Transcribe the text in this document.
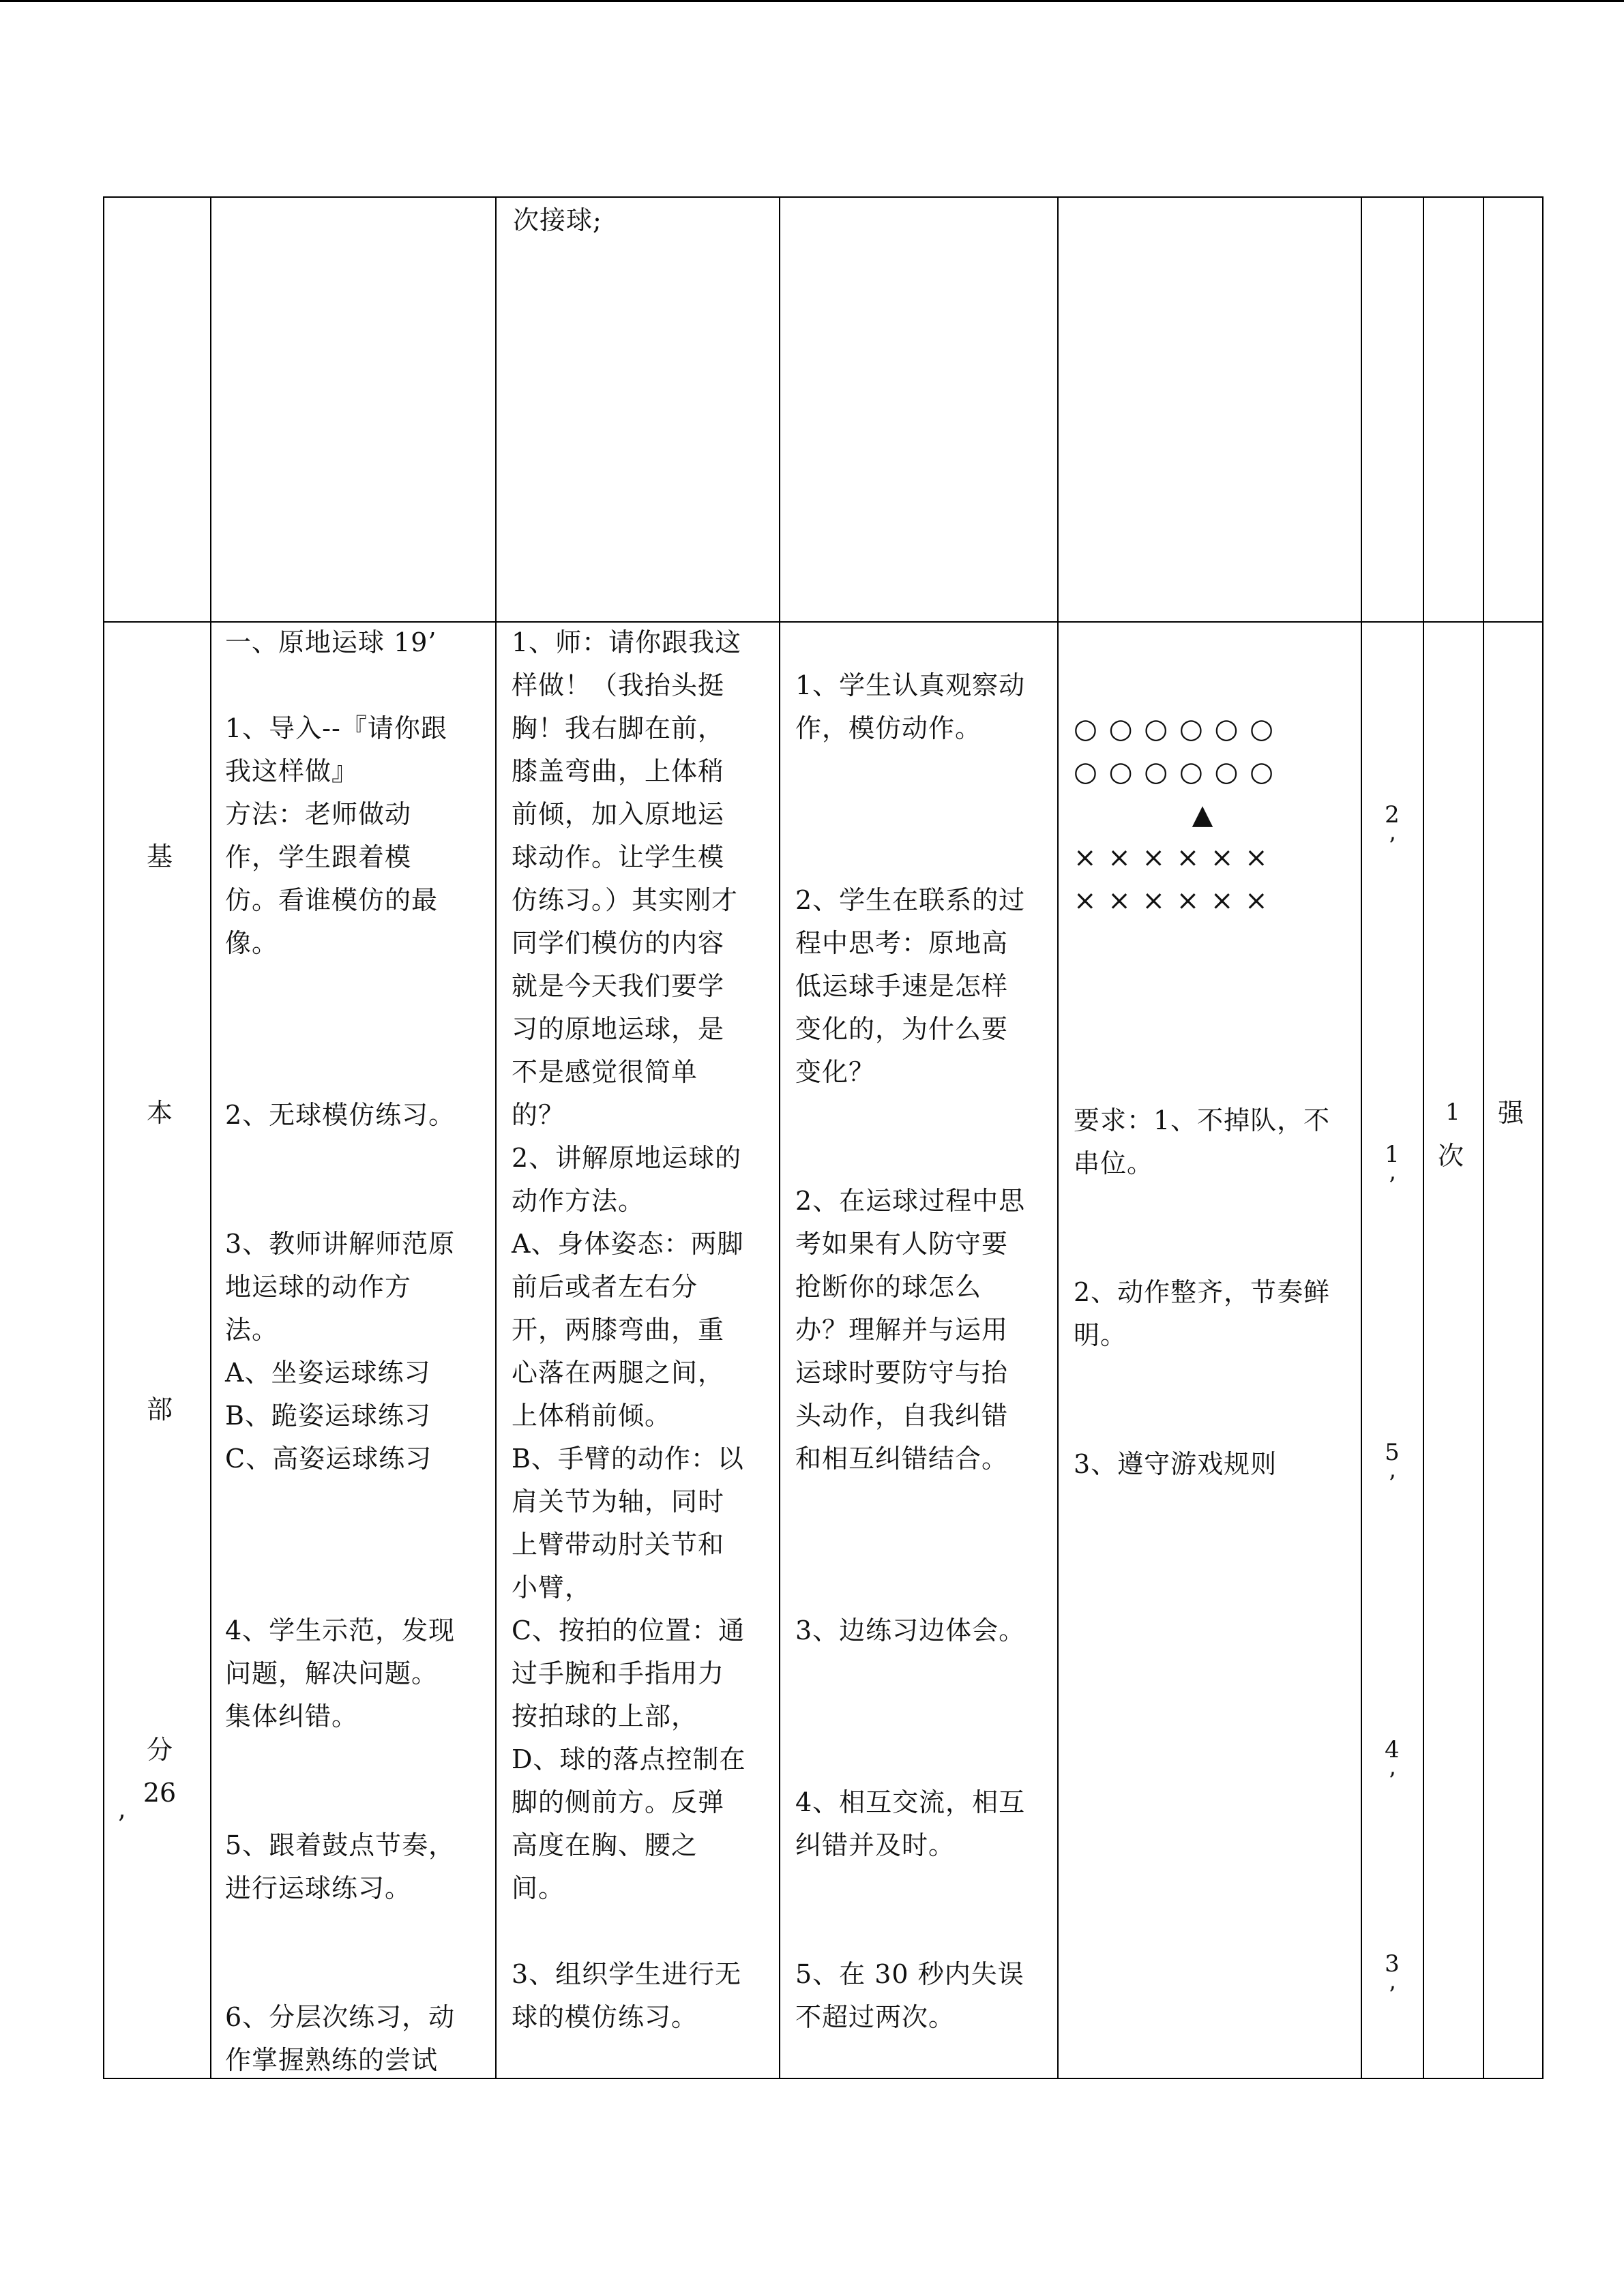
次接球;
基
本
部
分
26
’
一、原地运球 19’
1、导入--『请你跟
我这样做』
方法：老师做动
作，学生跟着模
仿。看谁模仿的最
像。
2、无球模仿练习。
3、教师讲解师范原
地运球的动作方
法。
A、坐姿运球练习
B、跪姿运球练习
C、高姿运球练习
4、学生示范，发现
问题，解决问题。
集体纠错。
5、跟着鼓点节奏，
进行运球练习。
6、分层次练习，动
作掌握熟练的尝试
1、师：请你跟我这
样做！（我抬头挺
胸！我右脚在前，
膝盖弯曲，上体稍
前倾，加入原地运
球动作。让学生模
仿练习。）其实刚才
同学们模仿的内容
就是今天我们要学
习的原地运球，是
不是感觉很简单
的？
2、讲解原地运球的
动作方法。
A、身体姿态：两脚
前后或者左右分
开，两膝弯曲，重
心落在两腿之间，
上体稍前倾。
B、手臂的动作：以
肩关节为轴，同时
上臂带动肘关节和
小臂，
C、按拍的位置：通
过手腕和手指用力
按拍球的上部，
D、球的落点控制在
脚的侧前方。反弹
高度在胸、腰之
间。
3、组织学生进行无
球的模仿练习。
1、学生认真观察动
作，模仿动作。
2、学生在联系的过
程中思考：原地高
低运球手速是怎样
变化的，为什么要
变化？
2、在运球过程中思
考如果有人防守要
抢断你的球怎么
办？理解并与运用
运球时要防守与抬
头动作，自我纠错
和相互纠错结合。
3、边练习边体会。
4、相互交流，相互
纠错并及时。
5、在 30 秒内失误
不超过两次。
○ ○ ○ ○ ○ ○
○ ○ ○ ○ ○ ○
▲
× × × × × ×
× × × × × ×
要求：1、不掉队，不
串位。
2、动作整齐，节奏鲜
明。
3、遵守游戏规则
2
’
1
’
5
’
4
’
3
’
1
次
强
